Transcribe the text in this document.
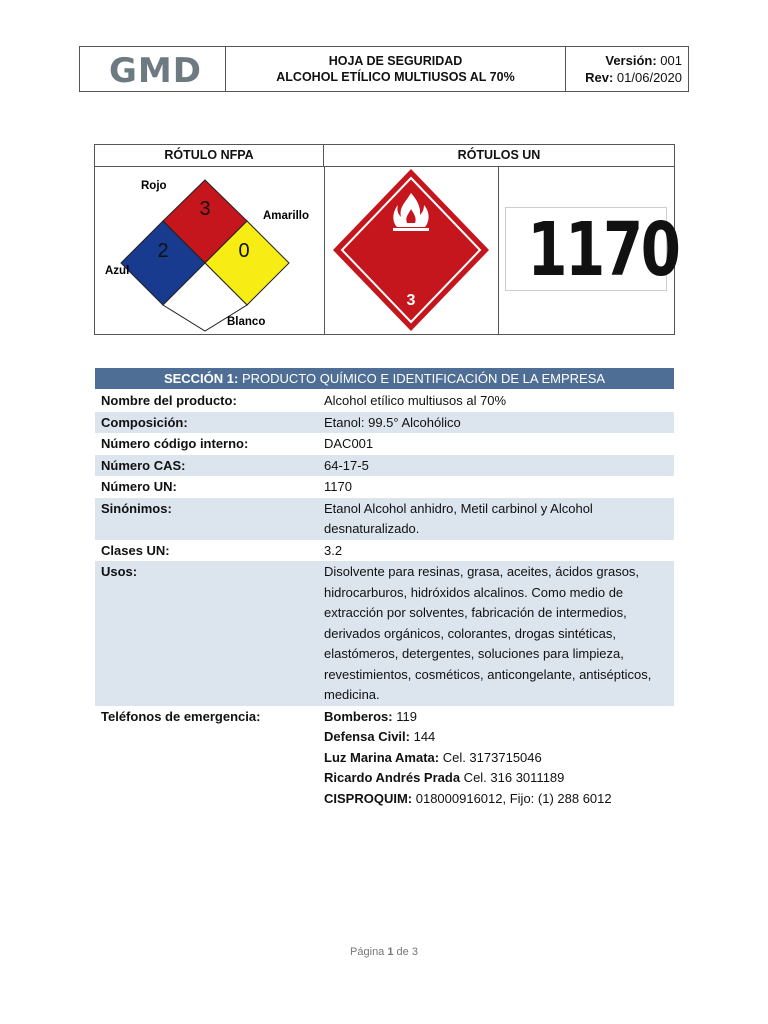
GMD	HOJA DE SEGURIDAD
ALCOHOL ETÍLICO MULTIUSOS AL 70%
Versión: 001
Rev: 01/06/2020
RÓTULO NFPA	RÓTULOS UN
3
2	0
Rojo
Amarillo
Azul
Blanco
3
1170
SECCIÓN 1: PRODUCTO QUÍMICO E IDENTIFICACIÓN DE LA EMPRESA
Nombre del producto:	Alcohol etílico multiusos al 70%
Composición:	Etanol: 99.5° Alcohólico
Número código interno:	DAC001
Número CAS:	64-17-5
Número UN:	1170
Sinónimos:	Etanol Alcohol anhidro, Metil carbinol y Alcohol desnaturalizado.
Clases UN:	3.2
Usos:	Disolvente para resinas, grasa, aceites, ácidos grasos, hidrocarburos, hidróxidos alcalinos. Como medio de extracción por solventes, fabricación de intermedios, derivados orgánicos, colorantes, drogas sintéticas, elastómeros, detergentes, soluciones para limpieza, revestimientos, cosméticos, anticongelante, antisépticos, medicina.
Teléfonos de emergencia:	Bomberos: 119
Defensa Civil: 144
Luz Marina Amata: Cel. 3173715046
Ricardo Andrés Prada Cel. 316 3011189
CISPROQUIM: 018000916012, Fijo: (1) 288 6012
Página 1 de 3
